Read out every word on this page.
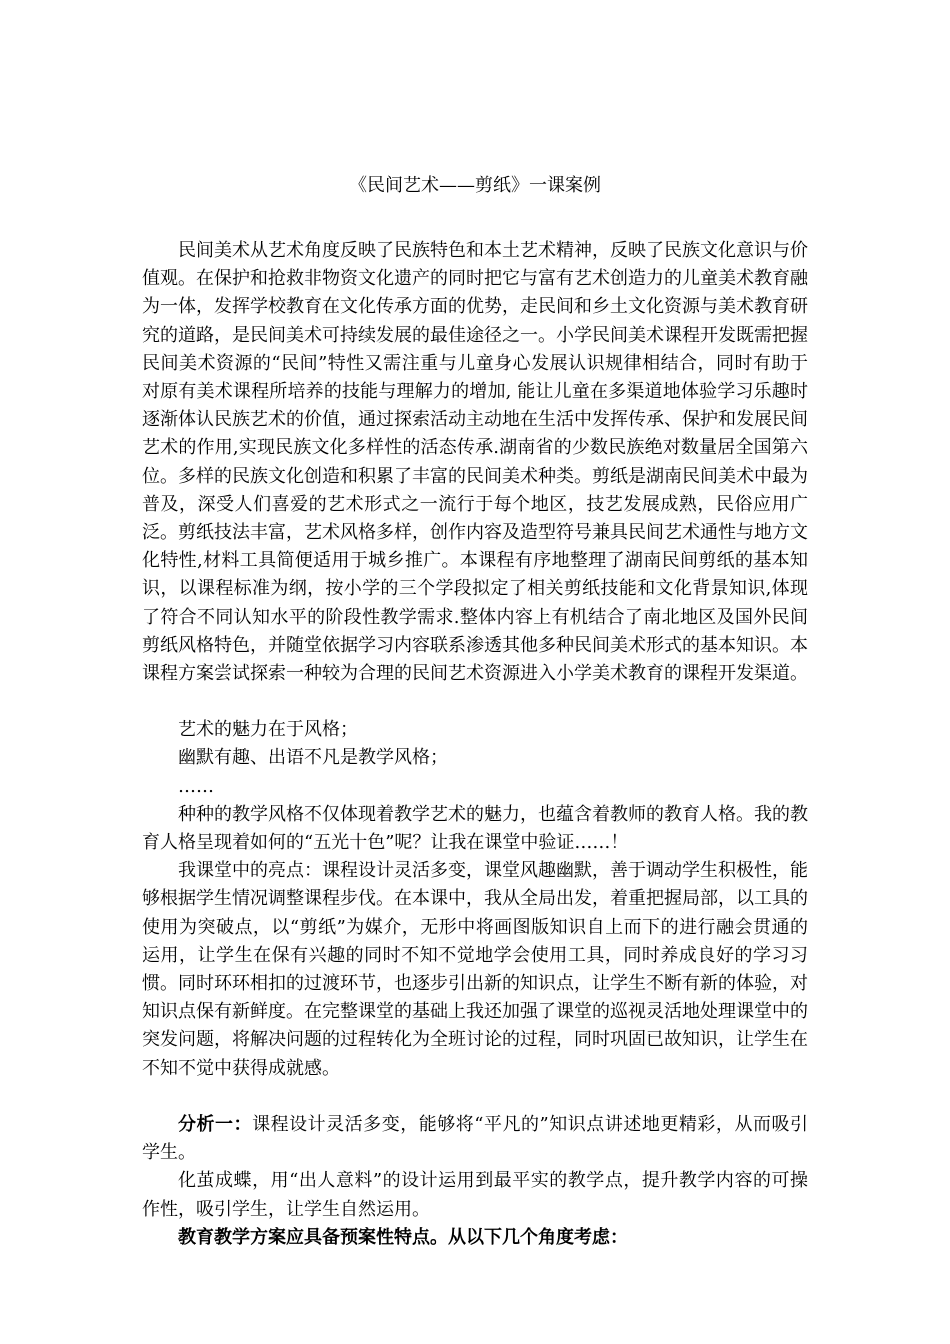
《民间艺术——剪纸》一课案例

民间美术从艺术角度反映了民族特色和本土艺术精神，反映了民族文化意识与价值观。在保护和抢救非物资文化遗产的同时把它与富有艺术创造力的儿童美术教育融为一体，发挥学校教育在文化传承方面的优势，走民间和乡土文化资源与美术教育研究的道路，是民间美术可持续发展的最佳途径之一。小学民间美术课程开发既需把握民间美术资源的“民间”特性又需注重与儿童身心发展认识规律相结合，同时有助于对原有美术课程所培养的技能与理解力的增加, 能让儿童在多渠道地体验学习乐趣时逐渐体认民族艺术的价值，通过探索活动主动地在生活中发挥传承、保护和发展民间艺术的作用,实现民族文化多样性的活态传承.湖南省的少数民族绝对数量居全国第六位。多样的民族文化创造和积累了丰富的民间美术种类。剪纸是湖南民间美术中最为普及，深受人们喜爱的艺术形式之一流行于每个地区，技艺发展成熟，民俗应用广泛。剪纸技法丰富，艺术风格多样，创作内容及造型符号兼具民间艺术通性与地方文化特性,材料工具简便适用于城乡推广。本课程有序地整理了湖南民间剪纸的基本知识，以课程标准为纲，按小学的三个学段拟定了相关剪纸技能和文化背景知识,体现了符合不同认知水平的阶段性教学需求.整体内容上有机结合了南北地区及国外民间剪纸风格特色，并随堂依据学习内容联系渗透其他多种民间美术形式的基本知识。本课程方案尝试探索一种较为合理的民间艺术资源进入小学美术教育的课程开发渠道。

艺术的魅力在于风格；

幽默有趣、出语不凡是教学风格；

……

种种的教学风格不仅体现着教学艺术的魅力，也蕴含着教师的教育人格。我的教育人格呈现着如何的“五光十色”呢？让我在课堂中验证……！

我课堂中的亮点：课程设计灵活多变，课堂风趣幽默，善于调动学生积极性，能够根据学生情况调整课程步伐。在本课中，我从全局出发，着重把握局部，以工具的使用为突破点，以“剪纸”为媒介，无形中将画图版知识自上而下的进行融会贯通的运用，让学生在保有兴趣的同时不知不觉地学会使用工具，同时养成良好的学习习惯。同时环环相扣的过渡环节，也逐步引出新的知识点，让学生不断有新的体验，对知识点保有新鲜度。在完整课堂的基础上我还加强了课堂的巡视灵活地处理课堂中的突发问题，将解决问题的过程转化为全班讨论的过程，同时巩固已故知识，让学生在不知不觉中获得成就感。

分析一：课程设计灵活多变，能够将“平凡的”知识点讲述地更精彩，从而吸引学生。

化茧成蝶，用“出人意料”的设计运用到最平实的教学点，提升教学内容的可操作性，吸引学生，让学生自然运用。

教育教学方案应具备预案性特点。从以下几个角度考虑：
